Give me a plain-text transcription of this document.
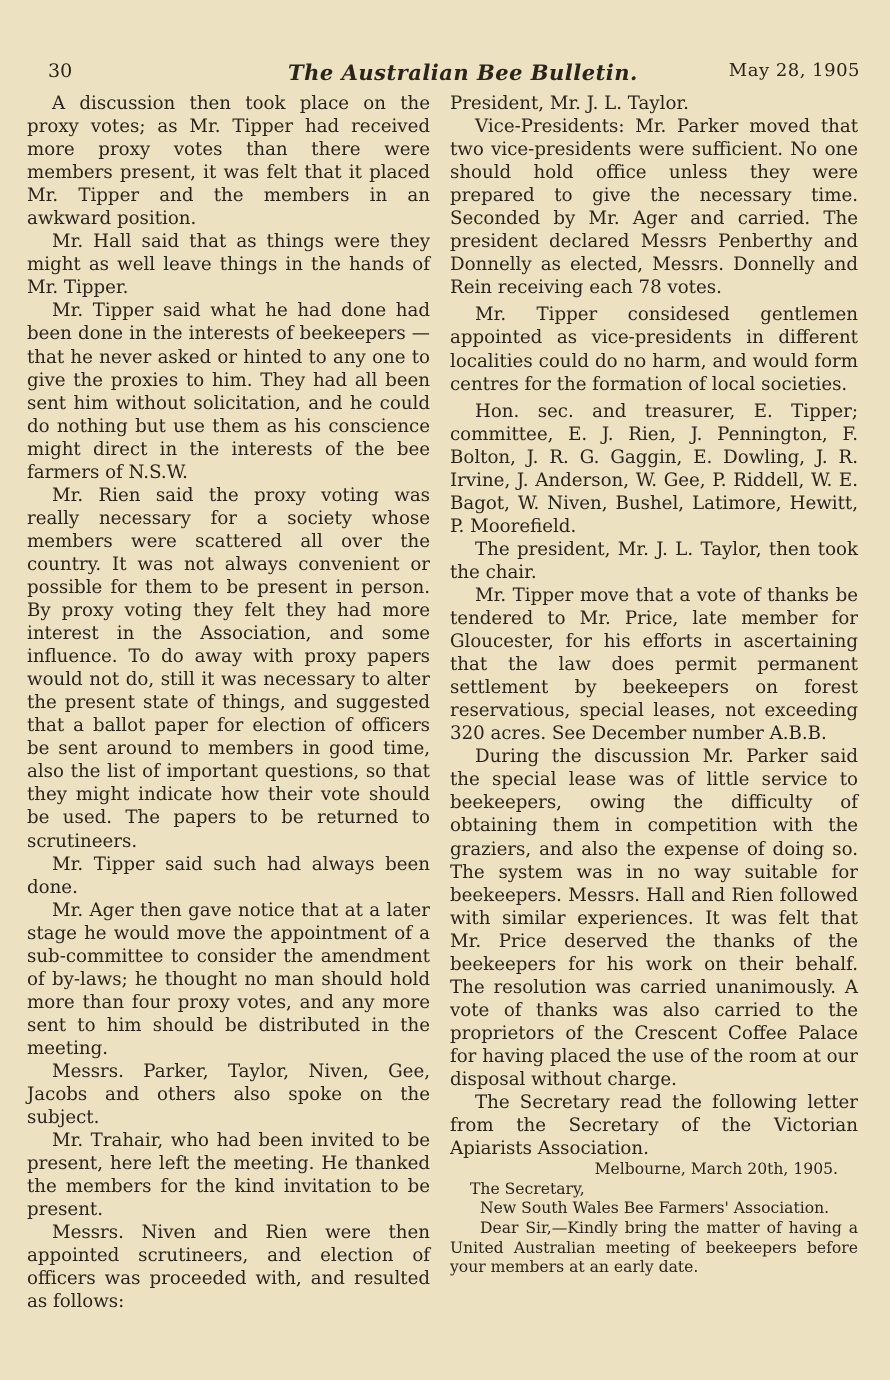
30	The Australian Bee Bulletin.	May 28, 1905

A discussion then took place on the proxy votes; as Mr. Tipper had received more proxy votes than there were members present, it was felt that it placed Mr. Tipper and the members in an awkward position.

Mr. Hall said that as things were they might as well leave things in the hands of Mr. Tipper.

Mr. Tipper said what he had done had been done in the interests of beekeepers —that he never asked or hinted to any one to give the proxies to him. They had all been sent him without solicitation, and he could do nothing but use them as his conscience might direct in the interests of the bee farmers of N.S.W.

Mr. Rien said the proxy voting was really necessary for a society whose members were scattered all over the country. It was not always convenient or possible for them to be present in person. By proxy voting they felt they had more interest in the Association, and some influence. To do away with proxy papers would not do, still it was necessary to alter the present state of things, and suggested that a ballot paper for election of officers be sent around to members in good time, also the list of important questions, so that they might indicate how their vote should be used. The papers to be returned to scrutineers.

Mr. Tipper said such had always been done.

Mr. Ager then gave notice that at a later stage he would move the appointment of a sub-committee to consider the amendment of by-laws; he thought no man should hold more than four proxy votes, and any more sent to him should be distributed in the meeting.

Messrs. Parker, Taylor, Niven, Gee, Jacobs and others also spoke on the subject.

Mr. Trahair, who had been invited to be present, here left the meeting. He thanked the members for the kind invitation to be present.

Messrs. Niven and Rien were then appointed scrutineers, and election of officers was proceeded with, and resulted as follows:

President, Mr. J. L. Taylor.

Vice-Presidents: Mr. Parker moved that two vice-presidents were sufficient. No one should hold office unless they were prepared to give the necessary time. Seconded by Mr. Ager and carried. The president declared Messrs Penberthy and Donnelly as elected, Messrs. Donnelly and Rein receiving each 78 votes.

Mr. Tipper considesed gentlemen appointed as vice-presidents in different localities could do no harm, and would form centres for the formation of local societies.

Hon. sec. and treasurer, E. Tipper; committee, E. J. Rien, J. Pennington, F. Bolton, J. R. G. Gaggin, E. Dowling, J. R. Irvine, J. Anderson, W. Gee, P. Riddell, W. E. Bagot, W. Niven, Bushel, Latimore, Hewitt, P. Moorefield.

The president, Mr. J. L. Taylor, then took the chair.

Mr. Tipper move that a vote of thanks be tendered to Mr. Price, late member for Gloucester, for his efforts in ascertaining that the law does permit permanent settlement by beekeepers on forest reservatious, special leases, not exceeding 320 acres. See December number A.B.B.

During the discussion Mr. Parker said the special lease was of little service to beekeepers, owing the difficulty of obtaining them in competition with the graziers, and also the expense of doing so. The system was in no way suitable for beekeepers. Messrs. Hall and Rien followed with similar experiences. It was felt that Mr. Price deserved the thanks of the beekeepers for his work on their behalf. The resolution was carried unanimously. A vote of thanks was also carried to the proprietors of the Crescent Coffee Palace for having placed the use of the room at our disposal without charge.

The Secretary read the following letter from the Secretary of the Victorian Apiarists Association.

Melbourne, March 20th, 1905.
The Secretary,
New South Wales Bee Farmers' Association.
Dear Sir,—Kindly bring the matter of having a United Australian meeting of beekeepers before your members at an early date.
